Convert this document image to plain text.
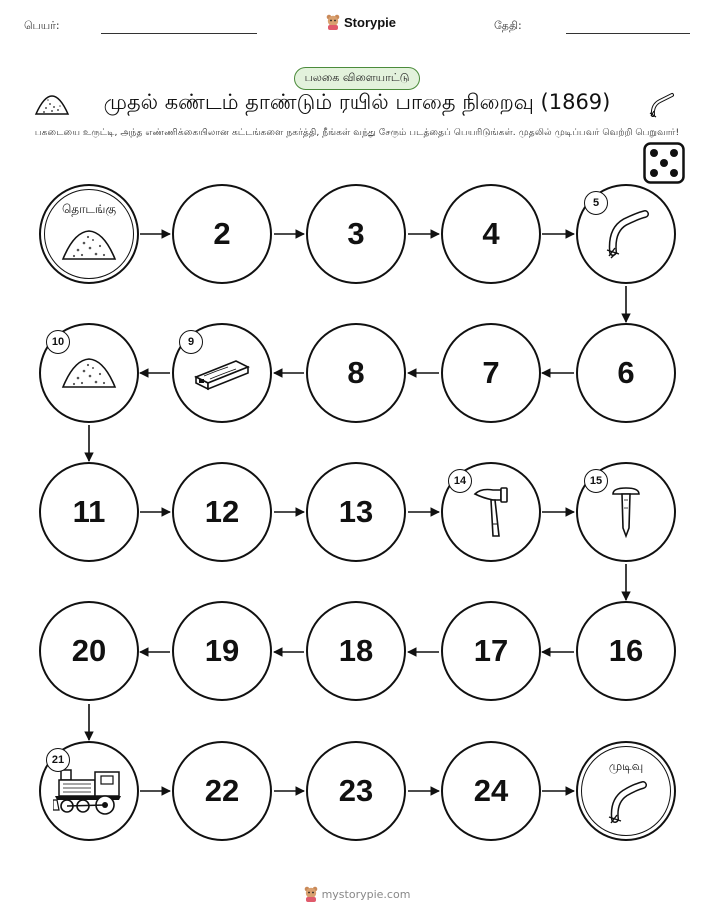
பெயர்:	Storypie	தேதி:
பலகை விளையாட்டு
முதல் கண்டம் தாண்டும் ரயில் பாதை நிறைவு (1869)
பகடையை உருட்டி, அந்த எண்ணிக்கையிலான கட்டங்களை நகர்த்தி, நீங்கள் வந்து சேரும் படத்தைப் பெயரிடுங்கள். முதலில் முடிப்பவர் வெற்றி பெறுவார்!
தொடங்கு
2	3	4
5
10	9
8	7	6
11	12	13
14	15
20	19	18	17	16
21
22	23	24
முடிவு
mystorypie.com
